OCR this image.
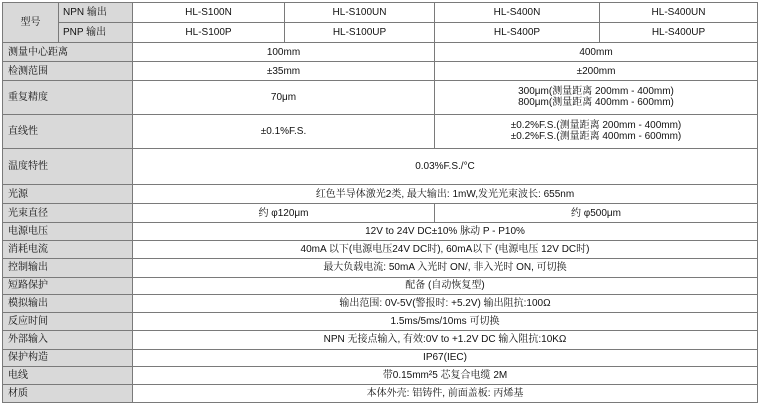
型号	NPN 输出	HL-S100N	HL-S100UN	HL-S400N	HL-S400UN
	PNP 输出	HL-S100P	HL-S100UP	HL-S400P	HL-S400UP
测量中心距离		100mm		400mm	
检测范围		±35mm		±200mm	
重复精度		70μm		300μm(测量距离 200mm - 400mm)
800μm(测量距离 400mm - 600mm)	

直线性		±0.1%F.S.		±0.2%F.S.(测量距离 200mm - 400mm)
±0.2%F.S.(测量距离 400mm - 600mm)	

温度特性		0.03%F.S./°C			
光源		红色半导体激光2类, 最大输出: 1mW,发光光束波长: 655nm			
光束直径		约 φ120μm		约 φ500μm	
电源电压		12V to 24V DC±10% 脉动 P - P10%			
消耗电流		40mA 以下(电源电压24V DC时), 60mA以下 (电源电压 12V DC时)			
控制输出		最大负载电流: 50mA 入光时 ON/, 非入光时 ON, 可切换			
短路保护		配备 (自动恢复型)			
模拟输出		输出范围: 0V-5V(警报时: +5.2V) 输出阻抗:100Ω			
反应时间		1.5ms/5ms/10ms 可切换			
外部输入		NPN 无接点输入, 有效:0V to +1.2V DC 输入阻抗:10KΩ			
保护构造		IP67(IEC)			
电线		带0.15mm²5 芯复合电缆 2M			
材质		本体外壳: 铝铸件, 前面盖板: 丙烯基			
